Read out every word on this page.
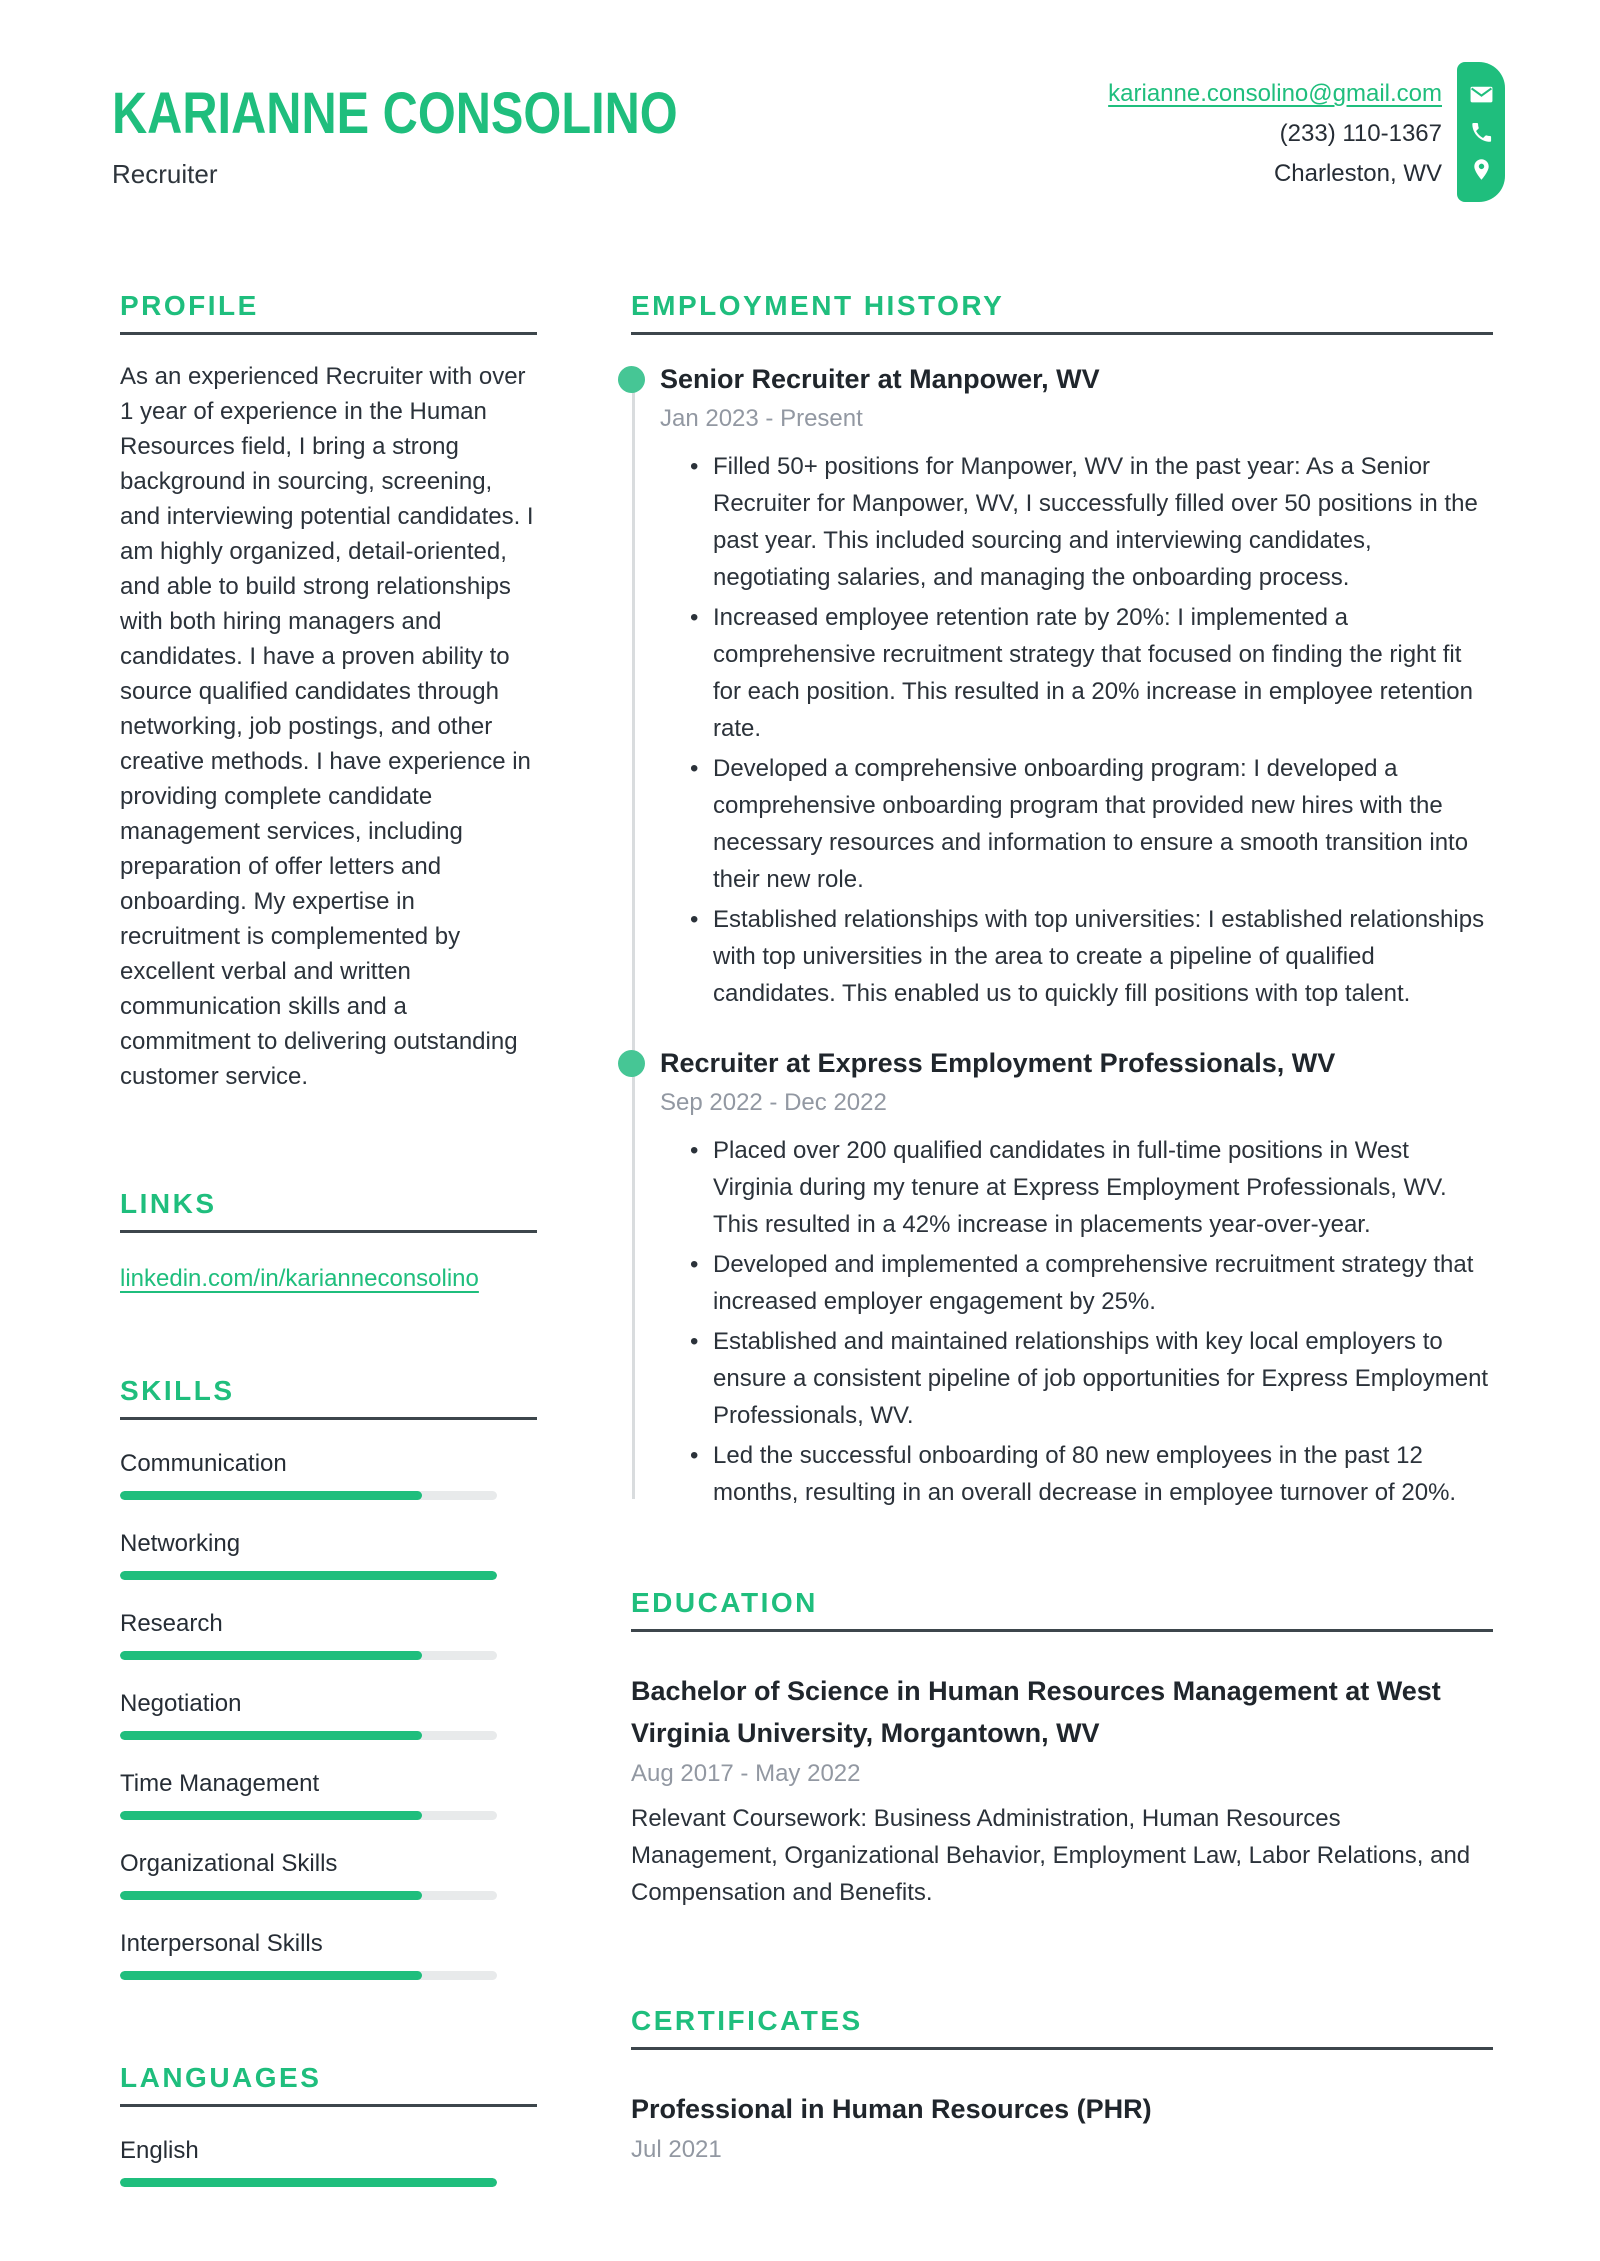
KARIANNE CONSOLINO
Recruiter
karianne.consolino@gmail.com
(233) 110-1367
Charleston, WV
PROFILE

As an experienced Recruiter with over 1 year of experience in the Human Resources field, I bring a strong background in sourcing, screening, and interviewing potential candidates. I am highly organized, detail-oriented, and able to build strong relationships with both hiring managers and candidates. I have a proven ability to source qualified candidates through networking, job postings, and other creative methods. I have experience in providing complete candidate management services, including preparation of offer letters and onboarding. My expertise in recruitment is complemented by excellent verbal and written communication skills and a commitment to delivering outstanding customer service.

LINKS
linkedin.com/in/karianneconsolino
SKILLS
Communication
Networking
Research
Negotiation
Time Management
Organizational Skills
Interpersonal Skills
LANGUAGES
English
EMPLOYMENT HISTORY
Senior Recruiter at Manpower, WV
Jan 2023 - Present
• Filled 50+ positions for Manpower, WV in the past year: As a Senior Recruiter for Manpower, WV, I successfully filled over 50 positions in the past year. This included sourcing and interviewing candidates, negotiating salaries, and managing the onboarding process.
• Increased employee retention rate by 20%: I implemented a comprehensive recruitment strategy that focused on finding the right fit for each position. This resulted in a 20% increase in employee retention rate.
• Developed a comprehensive onboarding program: I developed a comprehensive onboarding program that provided new hires with the necessary resources and information to ensure a smooth transition into their new role.
• Established relationships with top universities: I established relationships with top universities in the area to create a pipeline of qualified candidates. This enabled us to quickly fill positions with top talent.
Recruiter at Express Employment Professionals, WV
Sep 2022 - Dec 2022
• Placed over 200 qualified candidates in full-time positions in West Virginia during my tenure at Express Employment Professionals, WV. This resulted in a 42% increase in placements year-over-year.
• Developed and implemented a comprehensive recruitment strategy that increased employer engagement by 25%.
• Established and maintained relationships with key local employers to ensure a consistent pipeline of job opportunities for Express Employment Professionals, WV.
• Led the successful onboarding of 80 new employees in the past 12 months, resulting in an overall decrease in employee turnover of 20%.
EDUCATION
Bachelor of Science in Human Resources Management at West Virginia University, Morgantown, WV
Aug 2017 - May 2022

Relevant Coursework: Business Administration, Human Resources Management, Organizational Behavior, Employment Law, Labor Relations, and Compensation and Benefits.

CERTIFICATES
Professional in Human Resources (PHR)
Jul 2021
